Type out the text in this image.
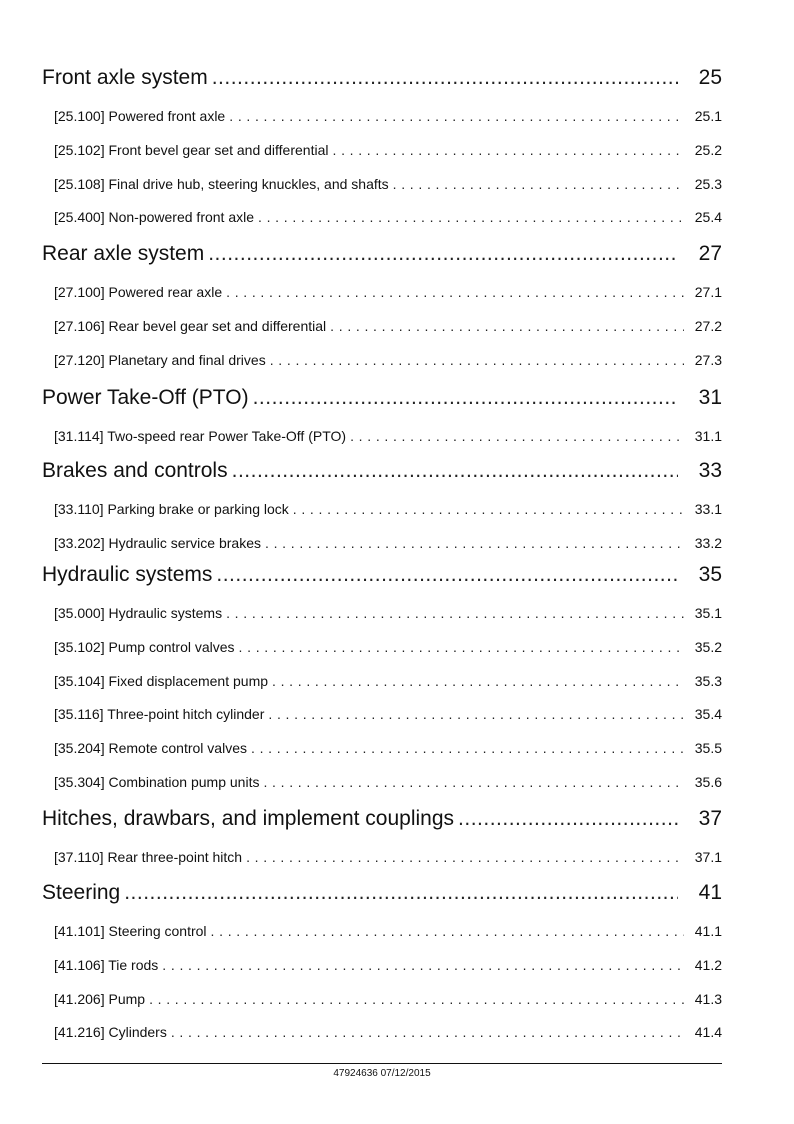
Front axle system .....	25
[25.100] Powered front axle . . .	25.1
[25.102] Front bevel gear set and differential . . .	25.2
[25.108] Final drive hub, steering knuckles, and shafts . . .	25.3
[25.400] Non-powered front axle . . .	25.4
Rear axle system .....	27
[27.100] Powered rear axle . . .	27.1
[27.106] Rear bevel gear set and differential . . .	27.2
[27.120] Planetary and final drives . . .	27.3
Power Take-Off (PTO) .....	31
[31.114] Two-speed rear Power Take-Off (PTO) . . .	31.1
Brakes and controls .....	33
[33.110] Parking brake or parking lock . . .	33.1
[33.202] Hydraulic service brakes . . .	33.2
Hydraulic systems .....	35
[35.000] Hydraulic systems . . .	35.1
[35.102] Pump control valves . . .	35.2
[35.104] Fixed displacement pump . . .	35.3
[35.116] Three-point hitch cylinder . . .	35.4
[35.204] Remote control valves . . .	35.5
[35.304] Combination pump units . . .	35.6
Hitches, drawbars, and implement couplings .....	37
[37.110] Rear three-point hitch . . .	37.1
Steering .....	41
[41.101] Steering control . . .	41.1
[41.106] Tie rods . . .	41.2
[41.206] Pump . . .	41.3
[41.216] Cylinders . . .	41.4
47924636 07/12/2015
